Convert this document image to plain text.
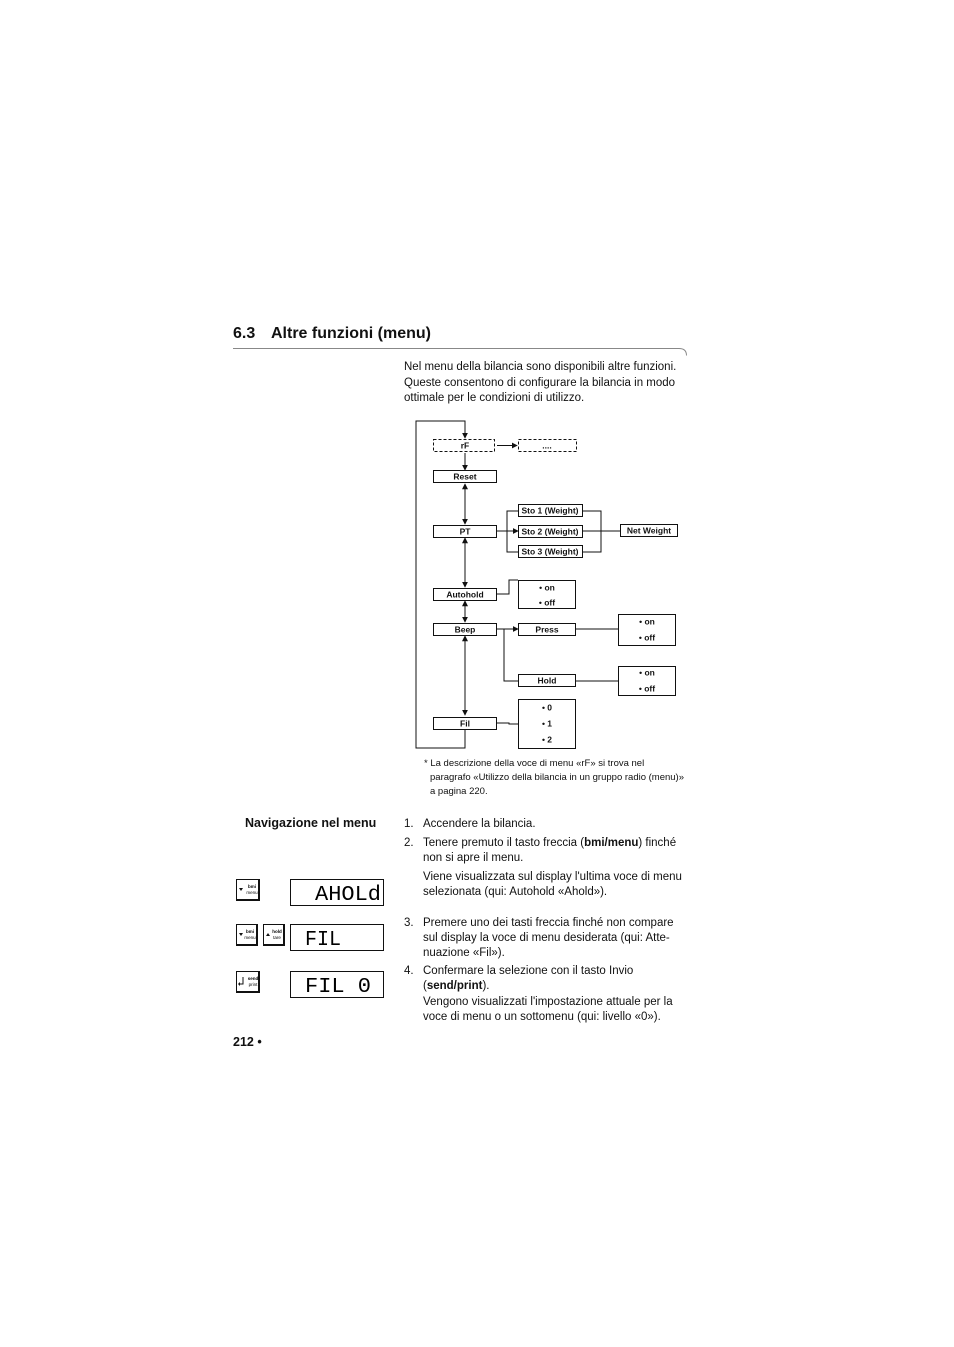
6.3 Altre funzioni (menu)
Nel menu della bilancia sono disponibili altre funzioni. Queste consentono di configurare la bilancia in modo ottimale per le condizioni di utilizzo.
rF	....
Reset
PT
Sto 1 (Weight)
Sto 2 (Weight)
Sto 3 (Weight)
Net Weight
Autohold
• on
• off
Beep	Press
• on
• off
Hold
• on
• off
Fil
• 0
• 1
• 2

* La descrizione della voce di menu «rF» si trova nel paragrafo «Utilizzo della bilancia in un gruppo radio (menu)» a pagina 220.

Navigazione nel menu 1. Accendere la bilancia.

2. Tenere premuto il tasto freccia (bmi/menu) finché non si apre il menu.

Viene visualizzata sul display l'ultima voce di menu selezionata (qui: Autohold «Ahold»).

3. Premere uno dei tasti freccia finché non compare sul display la voce di menu desiderata (qui: Atte- nuazione «Fil»).

4. Confermare la selezione con il tasto Invio (send/print).

Vengono visualizzati l'impostazione attuale per la voce di menu o un sottomenu (qui: livello «0»).

bmi
menu	AHOLd
bmi
menu
hold
tare FIL
send
print FIL 0
212 •
